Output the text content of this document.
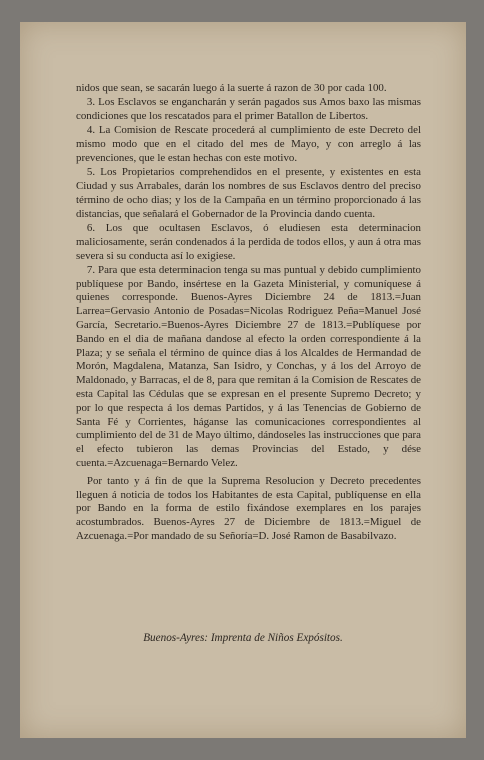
nidos que sean, se sacarán luego á la suerte á razon de 30 por cada 100.

 3. Los Esclavos se engancharán y serán pagados sus Amos baxo las mismas condiciones que los rescatados para el primer Batallon de Libertos.

 4. La Comision de Rescate procederá al cumplimiento de este Decreto del mismo modo que en el citado del mes de Mayo, y con arreglo á las prevenciones, que le estan hechas con este motivo.

 5. Los Propietarios comprehendidos en el presente, y existentes en esta Ciudad y sus Arrabales, darán los nombres de sus Esclavos dentro del preciso término de ocho dias; y los de la Campaña en un término proporcionado á las distancias, que señalará el Gobernador de la Provincia dando cuenta.

 6. Los que ocultasen Esclavos, ó eludiesen esta determinacion maliciosamente, serán condenados á la perdida de todos ellos, y aun á otra mas severa si su conducta así lo exigiese.

 7. Para que esta determinacion tenga su mas puntual y debido cumplimiento publíquese por Bando, insértese en la Gazeta Ministerial, y comuníquese á quienes corresponde. Buenos-Ayres Diciembre 24 de 1813.=Juan Larrea=Gervasio Antonio de Posadas=Nicolas Rodriguez Peña=Manuel José García, Secretario.=Buenos-Ayres Diciembre 27 de 1813.=Publíquese por Bando en el dia de mañana dandose al efecto la orden correspondiente á la Plaza; y se señala el término de quince dias á los Alcaldes de Hermandad de Morón, Magdalena, Matanza, San Isidro, y Conchas, y á los del Arroyo de Maldonado, y Barracas, el de 8, para que remitan á la Comision de Rescates de esta Capital las Cédulas que se expresan en el presente Supremo Decreto; y por lo que respecta á los demas Partidos, y á las Tenencias de Gobierno de Santa Fé y Corrientes, háganse las comunicaciones correspondientes al cumplimiento del de 31 de Mayo último, dándoseles las instrucciones que para el efecto tubieron las demas Provincias del Estado, y dése cuenta.=Azcuenaga=Bernardo Velez.

 Por tanto y á fin de que la Suprema Resolucion y Decreto precedentes lleguen á noticia de todos los Habitantes de esta Capital, publíquense en ella por Bando en la forma de estilo fixándose exemplares en los parajes acostumbrados. Buenos-Ayres 27 de Diciembre de 1813.=Miguel de Azcuenaga.=Por mandado de su Señoría=D. José Ramon de Basabilvazo.

Buenos-Ayres: Imprenta de Niños Expósitos.
